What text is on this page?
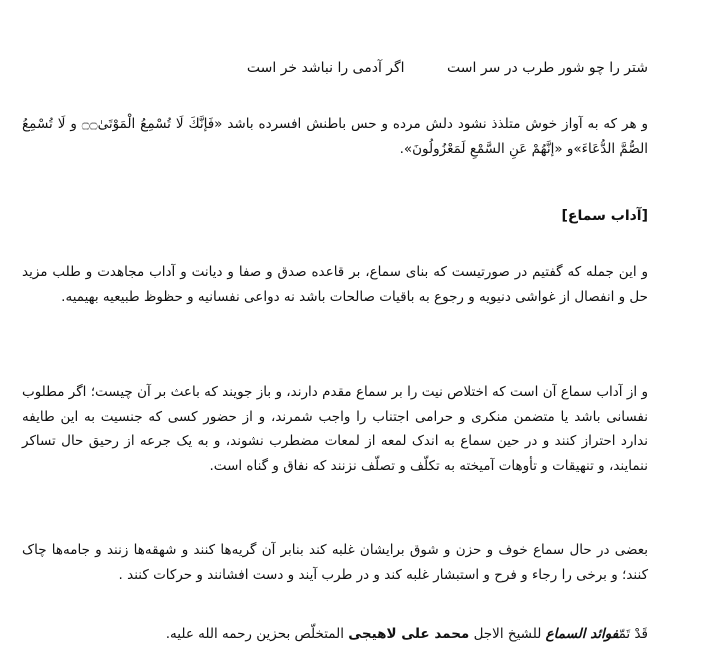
شتر را چو شور طرب در سر است اگر آدمی را نباشد خر است

و هر که به آواز خوش متلذذ نشود دلش مرده و حس باطنش افسرده باشد «فَإنَّكَ لَا تُسْمِعُ الْمَوْتَىٰ۝۝ و لَا تُسْمِعُ الصُّمَّ الدُّعَاءَ»و «إنَّهُمْ عَنِ السَّمْعِ لَمَعْزُولُونَ».

[آداب سماع]

و این جمله که گفتیم در صورتیست که بنای سماع، بر قاعده صدق و صفا و دیانت و آداب مجاهدت و طلب مزید حل و انفصال از غواشی دنیویه و رجوع به باقیات صالحات باشد نه دواعی نفسانیه و حظوظ طبیعیه بهیمیه.

و از آداب سماع آن است که اختلاص نیت را بر سماع مقدم دارند، و باز جویند که باعث بر آن چیست؛ اگر مطلوب نفسانی باشد یا متضمن منکری و حرامی اجتناب را واجب شمرند، و از حضور کسی که جنسیت به این طایفه ندارد احتراز کنند و در حین سماع به اندک لمعه از لمعات مضطرب نشوند، و به یک جرعه از رحیق حال تساکر ننمایند، و تنهیقات و تأوهات آمیخته به تکلّف و تصلّف نزنند که نفاق و گناه است.

بعضی در حال سماع خوف و حزن و شوق برایشان غلبه کند بنابر آن گریه‌ها کنند و شهقه‌ها زنند و جامه‌ها چاک کنند؛ و برخی را رجاء و فرح و استبشار غلبه کند و در طرب آیند و دست افشانند و حرکات کنند .

قَدْ تَمّفوائد السماع للشیخ الاجل محمد علی لاهیجی المتخلّص بحزین رحمه الله علیه.
